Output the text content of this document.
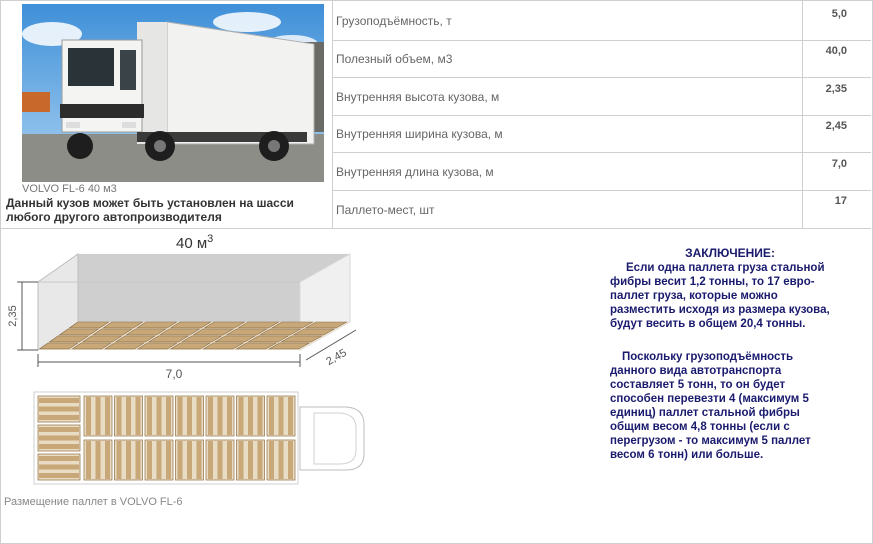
VOLVO FL-6 40 м3
Данный кузов может быть установлен на шасси любого другого автопроизводителя
Грузоподъёмность, т	5,0
Полезный объем, м3
40,0
Внутренняя высота кузова, м
2,35
Внутренняя ширина кузова, м
2,45
Внутренняя длина кузова, м
7,0
Паллето-мест, шт
17
2,35
7,0
2,45
40 $м^3$
Размещение паллет в VOLVO FL-6
ЗАКЛЮЧЕНИЕ:
Если одна паллета груза стальной
фибры весит 1,2 тонны, то 17 евро-
паллет груза, которые можно
разместить исходя из размера кузова,
будут весить в общем 20,4 тонны.
Поскольку грузоподъёмность
данного вида автотранспорта
составляет 5 тонн, то он будет
способен перевезти 4 (максимум 5
единиц) паллет стальной фибры
общим весом 4,8 тонны (если с
перегрузом - то максимум 5 паллет
весом 6 тонн) или больше.
